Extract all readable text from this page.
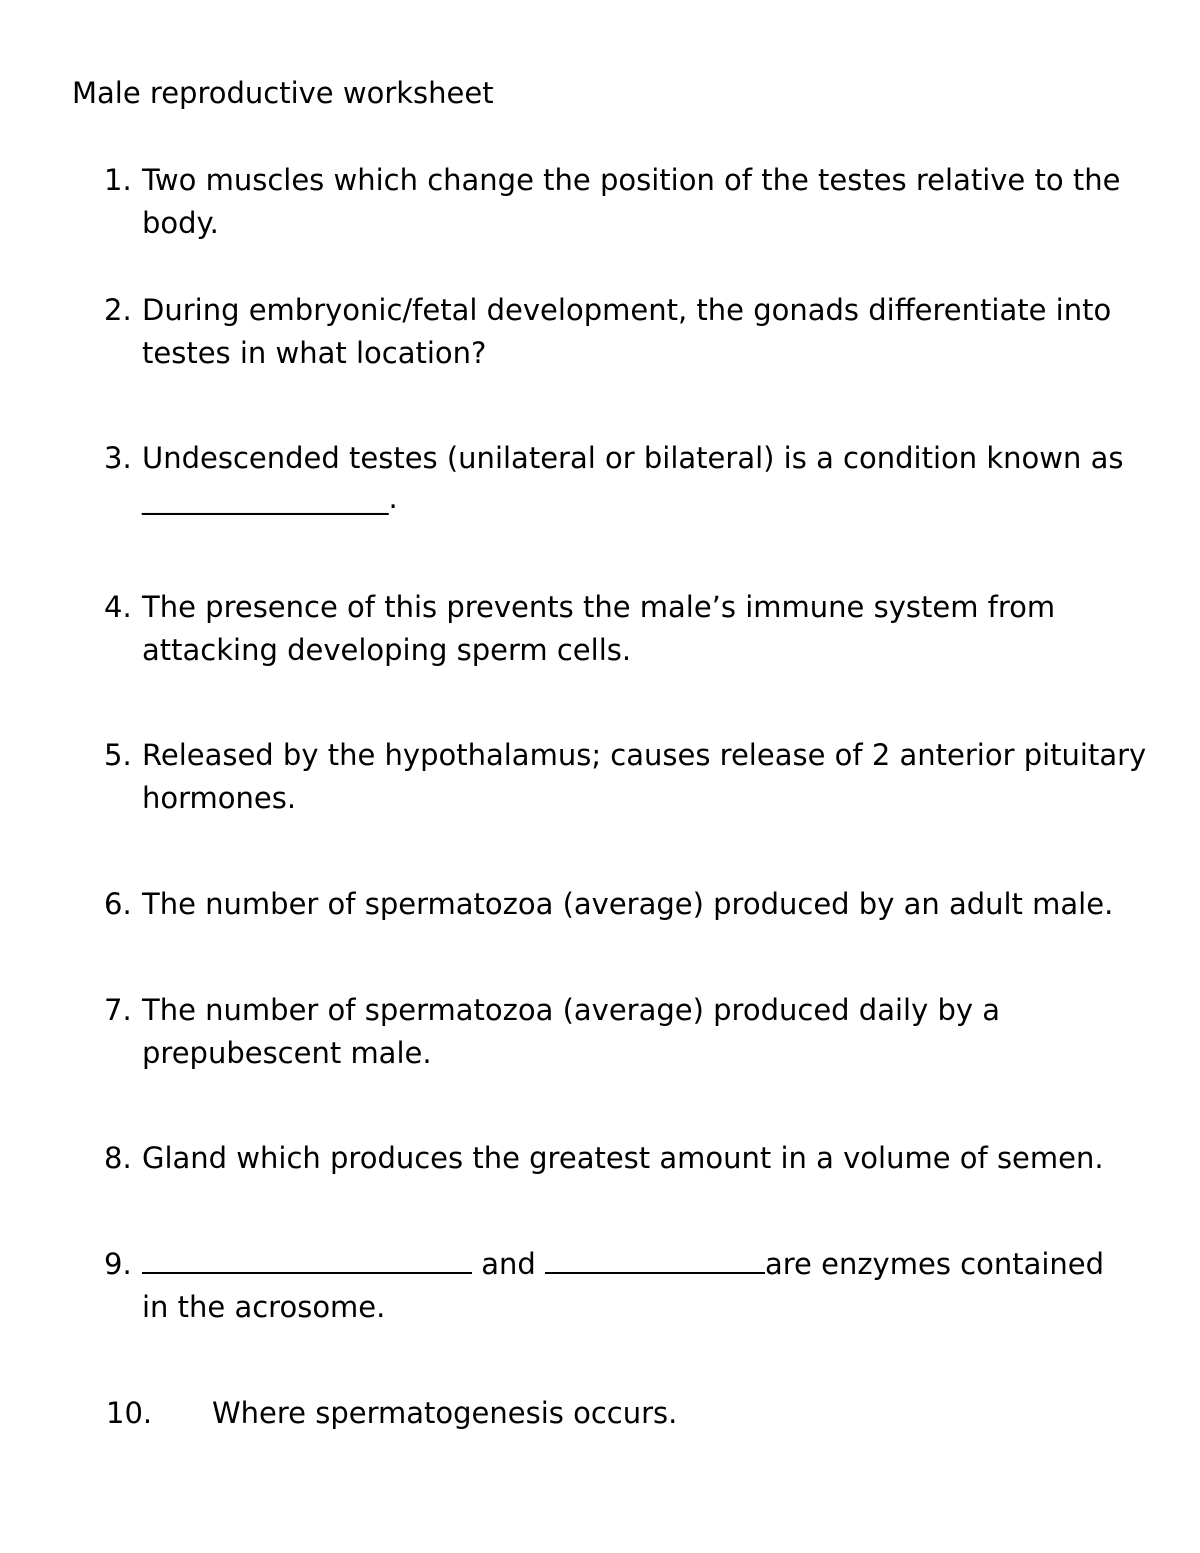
Male reproductive worksheet
1. Two muscles which change the position of the testes relative to the
body.
2. During embryonic/fetal development, the gonads differentiate into
testes in what location?
3. Undescended testes (unilateral or bilateral) is a condition known as
_________________.
4. The presence of this prevents the male’s immune system from
attacking developing sperm cells.
5. Released by the hypothalamus; causes release of 2 anterior pituitary
hormones.
6. The number of spermatozoa (average) produced by an adult male.
7. The number of spermatozoa (average) produced daily by a
prepubescent male.
8. Gland which produces the greatest amount in a volume of semen.
9.	and	are enzymes contained
in the acrosome.
10. Where spermatogenesis occurs.
